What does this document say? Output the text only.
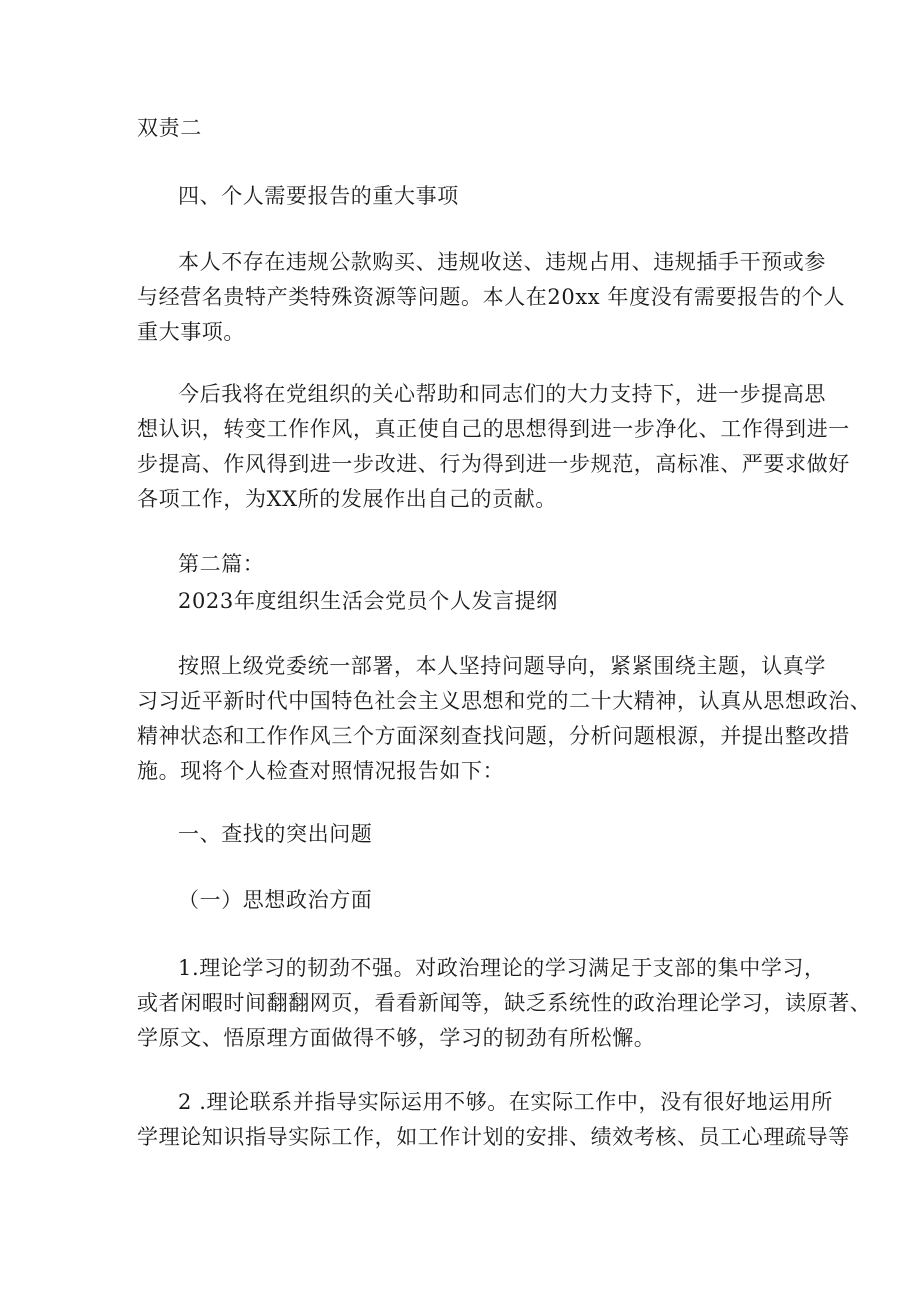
双责二
四、个人需要报告的重大事项
本人不存在违规公款购买、违规收送、违规占用、违规插手干预或参
与经营名贵特产类特殊资源等问题。本人在20xx 年度没有需要报告的个人
重大事项。
今后我将在党组织的关心帮助和同志们的大力支持下，进一步提高思
想认识，转变工作作风，真正使自己的思想得到进一步净化、工作得到进一
步提高、作风得到进一步改进、行为得到进一步规范，高标准、严要求做好
各项工作，为XX所的发展作出自己的贡献。
第二篇：
2023年度组织生活会党员个人发言提纲
按照上级党委统一部署，本人坚持问题导向，紧紧围绕主题，认真学
习习近平新时代中国特色社会主义思想和党的二十大精神，认真从思想政治、
精神状态和工作作风三个方面深刻查找问题，分析问题根源，并提出整改措
施。现将个人检查对照情况报告如下：
一、查找的突出问题
（一）思想政治方面
1.理论学习的韧劲不强。对政治理论的学习满足于支部的集中学习，
或者闲暇时间翻翻网页，看看新闻等，缺乏系统性的政治理论学习，读原著、
学原文、悟原理方面做得不够，学习的韧劲有所松懈。
2 .理论联系并指导实际运用不够。在实际工作中，没有很好地运用所
学理论知识指导实际工作，如工作计划的安排、绩效考核、员工心理疏导等
